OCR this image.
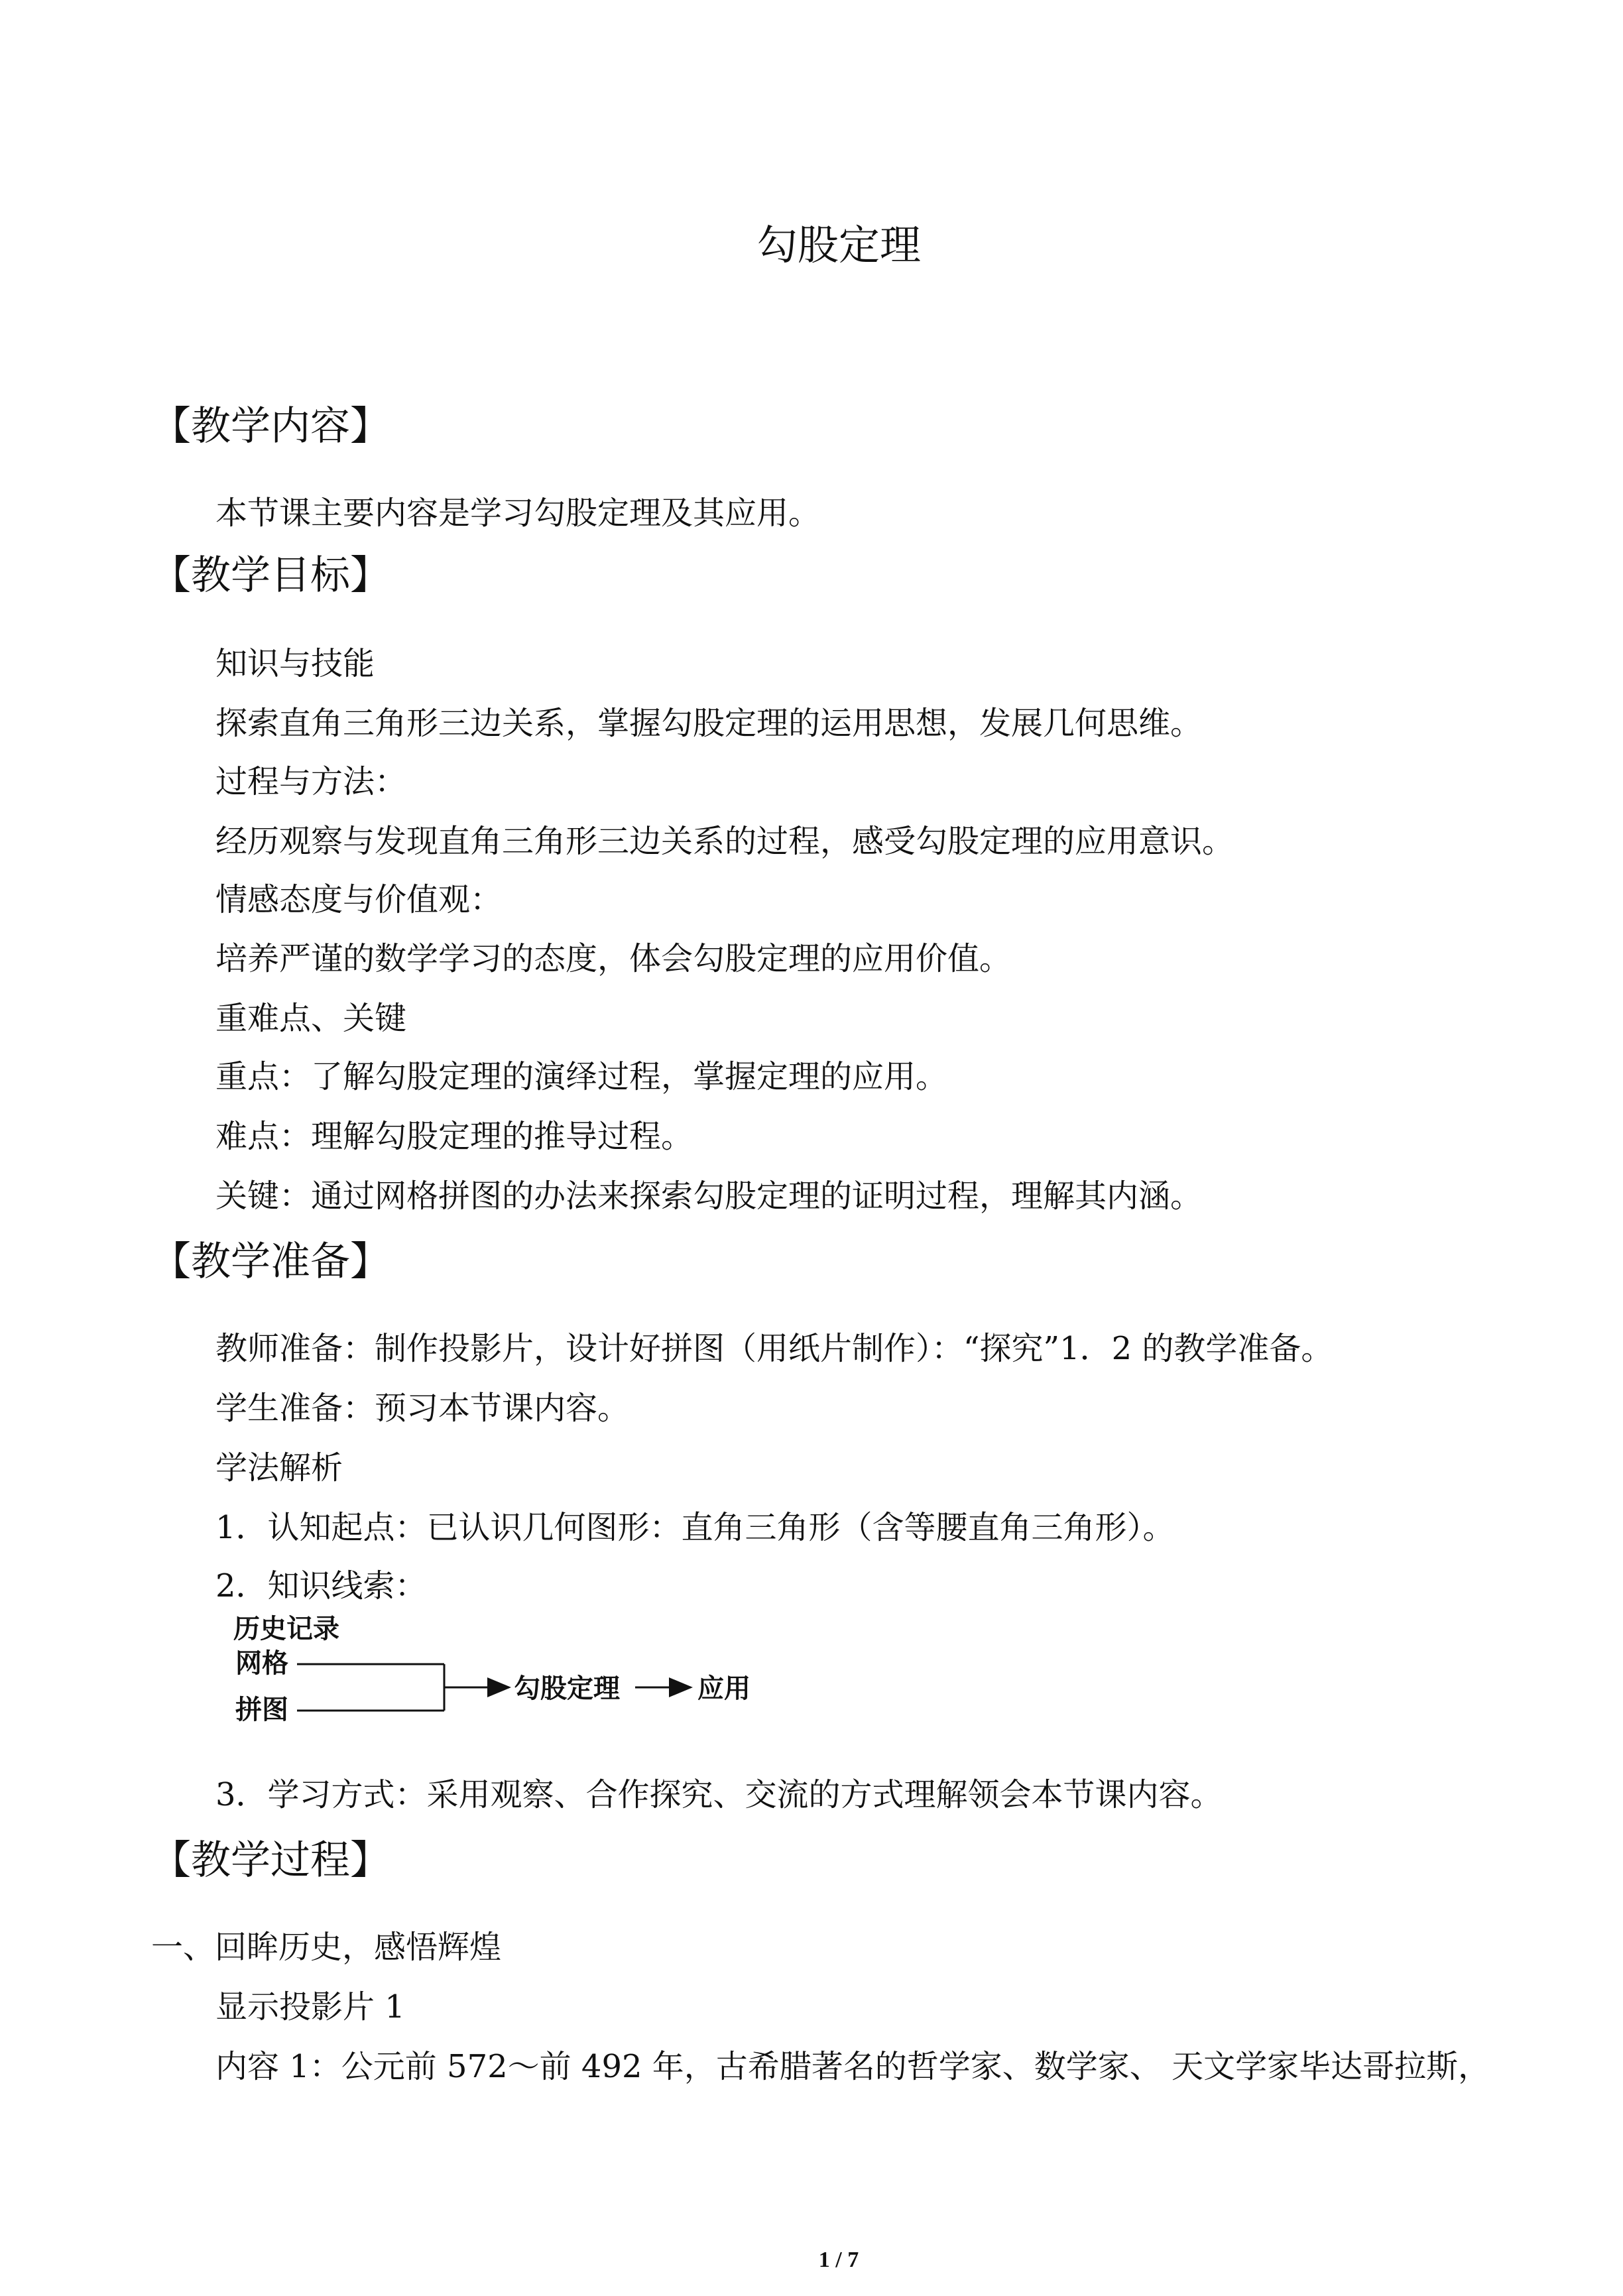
勾股定理
【教学内容】
本节课主要内容是学习勾股定理及其应用。
【教学目标】
知识与技能
探索直角三角形三边关系，掌握勾股定理的运用思想，发展几何思维。
过程与方法：
经历观察与发现直角三角形三边关系的过程，感受勾股定理的应用意识。
情感态度与价值观：
培养严谨的数学学习的态度，体会勾股定理的应用价值。
重难点、关键
重点：了解勾股定理的演绎过程，掌握定理的应用。
难点：理解勾股定理的推导过程。
关键：通过网格拼图的办法来探索勾股定理的证明过程，理解其内涵。
【教学准备】
教师准备：制作投影片，设计好拼图（用纸片制作）：“探究”1．2 的教学准备。
学生准备：预习本节课内容。
学法解析
1．认知起点：已认识几何图形：直角三角形（含等腰直角三角形）。
2．知识线索：
历史记录
网格
拼图
勾股定理	应用
3．学习方式：采用观察、合作探究、交流的方式理解领会本节课内容。
【教学过程】
一、回眸历史，感悟辉煌
显示投影片 1
内容 1：公元前 572～前 492 年，古希腊著名的哲学家、数学家、 天文学家毕达哥拉斯，
1 / 7
